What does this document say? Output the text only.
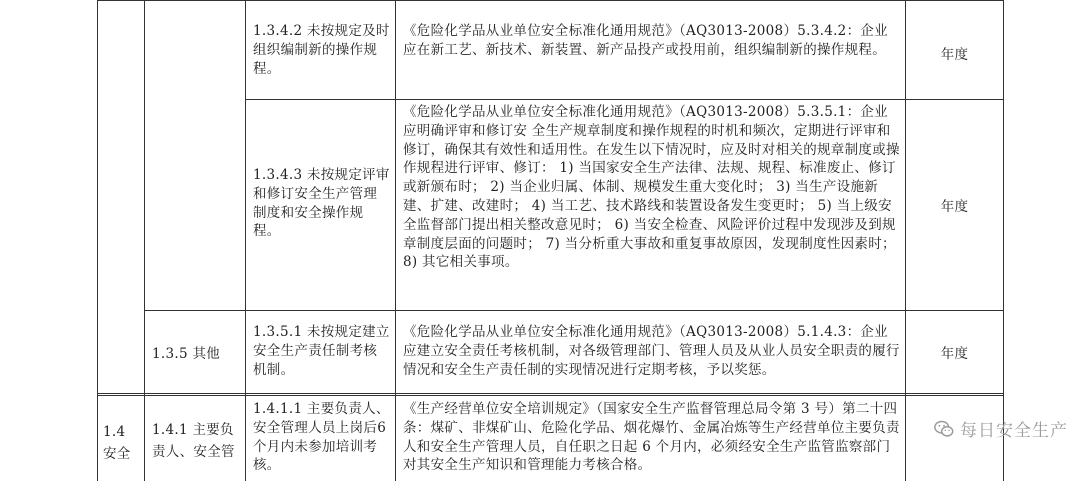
1.3.4.2 未按规定及时组织编制新的操作规程。
《危险化学品从业单位安全标准化通用规范》（AQ3013-2008）5.3.4.2：企业应在新工艺、新技术、新装置、新产品投产或投用前，组织编制新的操作规程。	年度
1.3.4.3 未按规定评审和修订安全生产管理制度和安全操作规程。
《危险化学品从业单位安全标准化通用规范》（AQ3013-2008）5.3.5.1：企业应明确评审和修订安 全生产规章制度和操作规程的时机和频次，定期进行评审和修订，确保其有效性和适用性。在发生以下情况时，应及时对相关的规章制度或操作规程进行评审、修订： 1) 当国家安全生产法律、法规、规程、标准废止、修订或新颁布时； 2) 当企业归属、体制、规模发生重大变化时； 3) 当生产设施新建、扩建、改建时； 4) 当工艺、技术路线和装置设备发生变更时； 5) 当上级安全监督部门提出相关整改意见时； 6) 当安全检查、风险评价过程中发现涉及到规章制度层面的问题时； 7) 当分析重大事故和重复事故原因，发现制度性因素时； 8) 其它相关事项。
年度
1.3.5 其他
1.3.5.1 未按规定建立安全生产责任制考核机制。
《危险化学品从业单位安全标准化通用规范》（AQ3013-2008）5.1.4.3：企业应建立安全责任考核机制，对各级管理部门、管理人员及从业人员安全职责的履行情况和安全生产责任制的实现情况进行定期考核，予以奖惩。
年度
1.4 安全
1.4.1 主要负责人、安全管
1.4.1.1 主要负责人、安全管理人员上岗后6个月内未参加培训考核。
《生产经营单位安全培训规定》（国家安全生产监督管理总局令第 3 号）第二十四条：煤矿、非煤矿山、危险化学品、烟花爆竹、金属冶炼等生产经营单位主要负责人和安全生产管理人员，自任职之日起 6 个月内，必须经安全生产监管监察部门对其安全生产知识和管理能力考核合格。
每日安全生产
